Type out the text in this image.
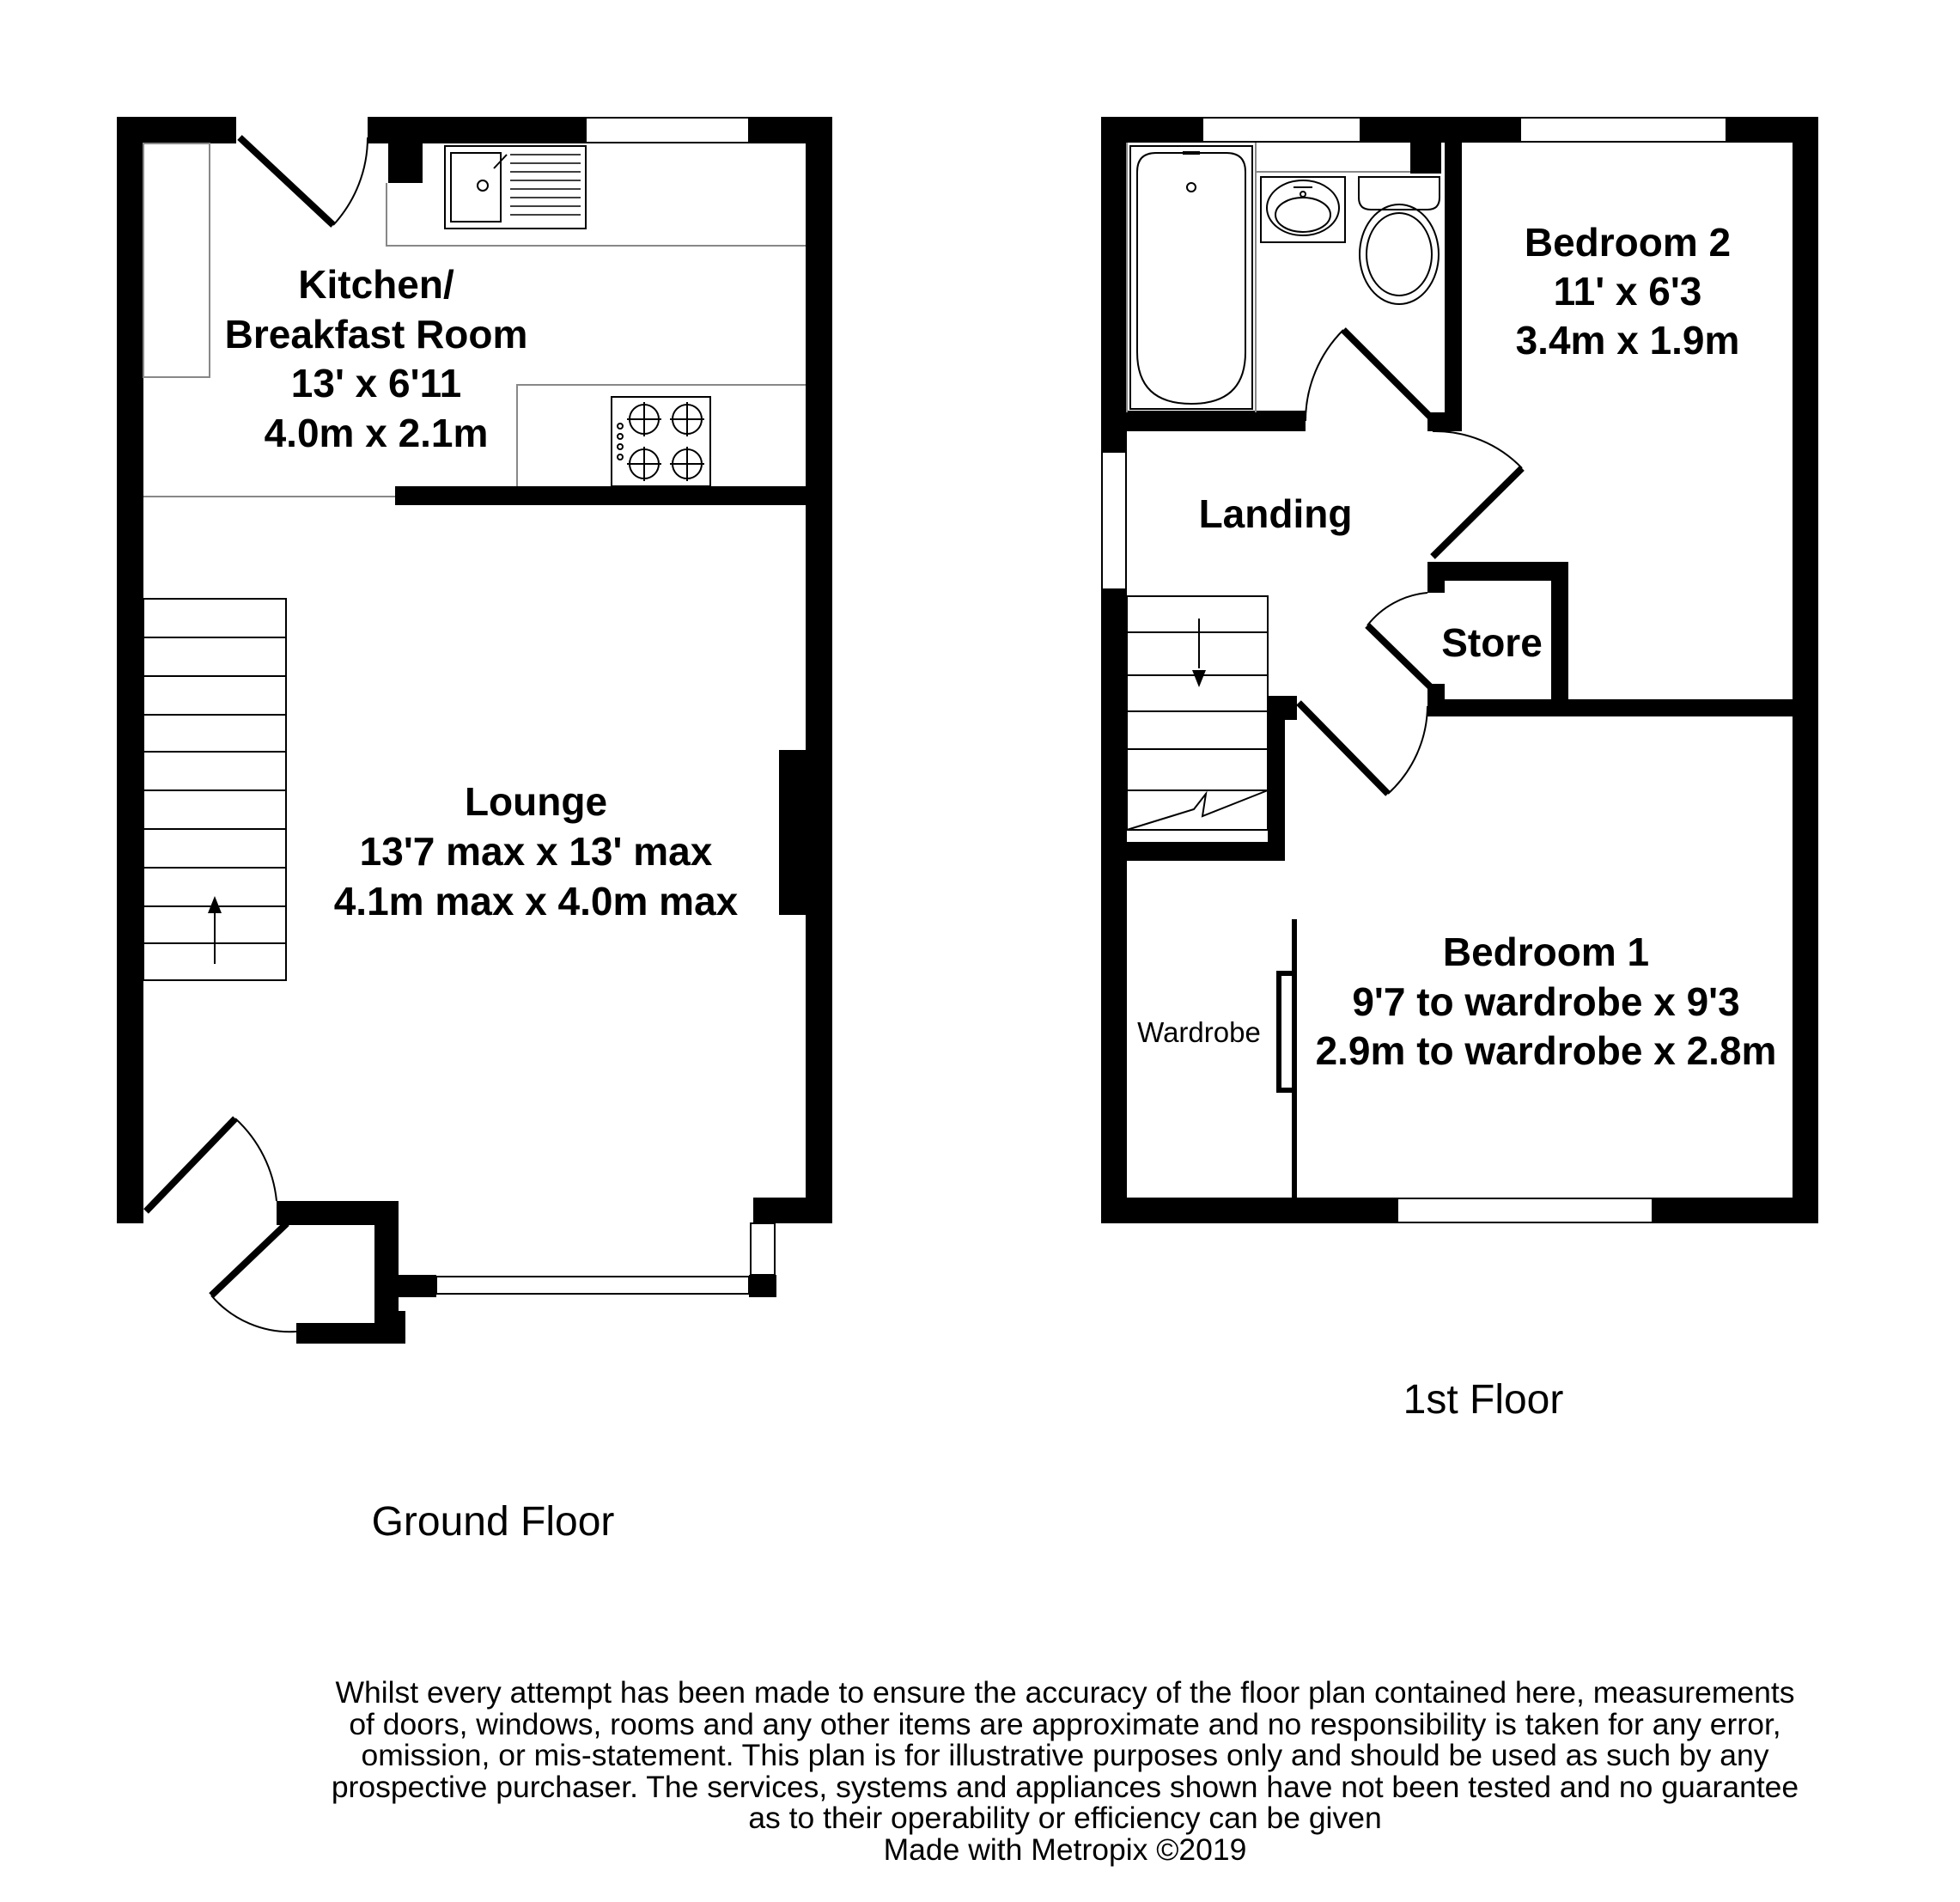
Kitchen/
Breakfast Room
13' x 6'11
4.0m x 2.1m
Lounge
13'7 max x 13' max
4.1m max x 4.0m max
Ground Floor
Bedroom 2
11' x 6'3
3.4m x 1.9m
Landing
Store
Bedroom 1
9'7 to wardrobe x 9'3
2.9m to wardrobe x 2.8m
Wardrobe
1st Floor
Whilst every attempt has been made to ensure the accuracy of the floor plan contained here, measurements
of doors, windows, rooms and any other items are approximate and no responsibility is taken for any error,
omission, or mis-statement. This plan is for illustrative purposes only and should be used as such by any
prospective purchaser. The services, systems and appliances shown have not been tested and no guarantee
as to their operability or efficiency can be given
Made with Metropix ©2019
